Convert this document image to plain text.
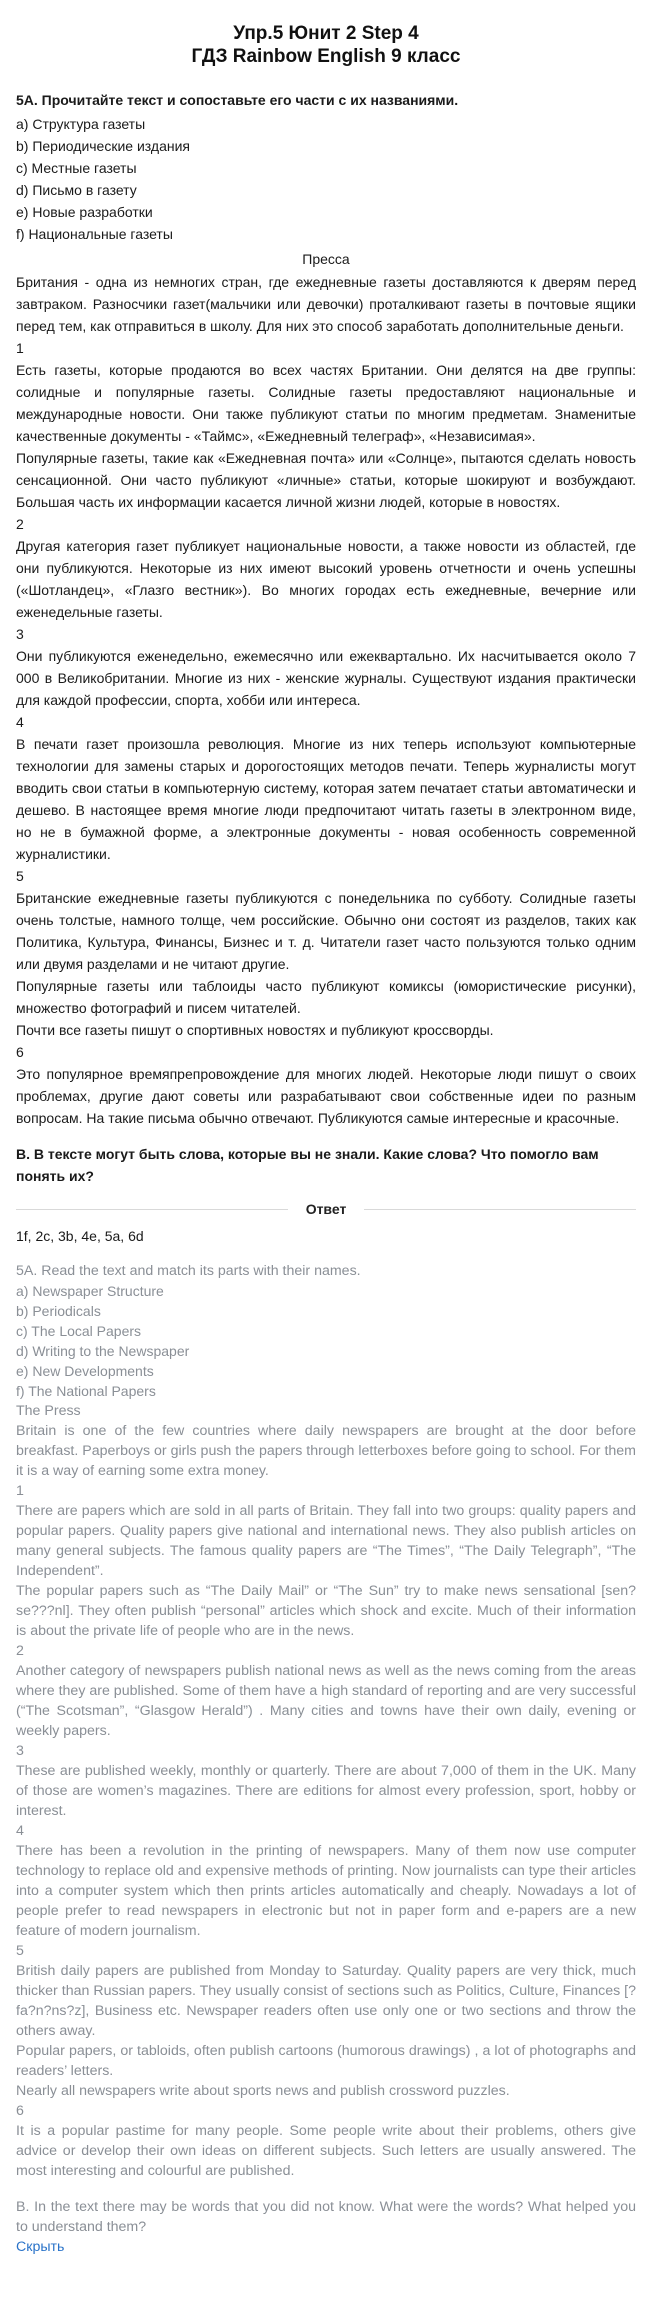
Упр.5 Юнит 2 Step 4
ГДЗ Rainbow English 9 класс
5A. Прочитайте текст и сопоставьте его части с их названиями.
a) Структура газеты
b) Периодические издания
c) Местные газеты
d) Письмо в газету
e) Новые разработки
f) Национальные газеты
Пресса

Британия - одна из немногих стран, где ежедневные газеты доставляются к дверям перед завтраком. Разносчики газет(мальчики или девочки) проталкивают газеты в почтовые ящики перед тем, как отправиться в школу. Для них это способ заработать дополнительные деньги.

1

Есть газеты, которые продаются во всех частях Британии. Они делятся на две группы: солидные и популярные газеты. Солидные газеты предоставляют национальные и международные новости. Они также публикуют статьи по многим предметам. Знаменитые качественные документы - «Таймс», «Ежедневный телеграф», «Независимая».

Популярные газеты, такие как «Ежедневная почта» или «Солнце», пытаются сделать новость сенсационной. Они часто публикуют «личные» статьи, которые шокируют и возбуждают. Большая часть их информации касается личной жизни людей, которые в новостях.

2

Другая категория газет публикует национальные новости, а также новости из областей, где они публикуются. Некоторые из них имеют высокий уровень отчетности и очень успешны («Шотландец», «Глазго вестник»). Во многих городах есть ежедневные, вечерние или еженедельные газеты.

3

Они публикуются еженедельно, ежемесячно или ежеквартально. Их насчитывается около 7 000 в Великобритании. Многие из них - женские журналы. Существуют издания практически для каждой профессии, спорта, хобби или интереса.

4

В печати газет произошла революция. Многие из них теперь используют компьютерные технологии для замены старых и дорогостоящих методов печати. Теперь журналисты могут вводить свои статьи в компьютерную систему, которая затем печатает статьи автоматически и дешево. В настоящее время многие люди предпочитают читать газеты в электронном виде, но не в бумажной форме, а электронные документы - новая особенность современной журналистики.

5

Британские ежедневные газеты публикуются с понедельника по субботу. Солидные газеты очень толстые, намного толще, чем российские. Обычно они состоят из разделов, таких как Политика, Культура, Финансы, Бизнес и т. д. Читатели газет часто пользуются только одним или двумя разделами и не читают другие.

Популярные газеты или таблоиды часто публикуют комиксы (юмористические рисунки), множество фотографий и писем читателей.

Почти все газеты пишут о спортивных новостях и публикуют кроссворды.

6

Это популярное времяпрепровождение для многих людей. Некоторые люди пишут о своих проблемах, другие дают советы или разрабатывают свои собственные идеи по разным вопросам. На такие письма обычно отвечают. Публикуются самые интересные и красочные.

B. В тексте могут быть слова, которые вы не знали. Какие слова? Что помогло вам понять их?
Ответ
1f, 2c, 3b, 4e, 5a, 6d
5A. Read the text and match its parts with their names.
a) Newspaper Structure
b) Periodicals
c) The Local Papers
d) Writing to the Newspaper
e) New Developments
f) The National Papers
The Press

Britain is one of the few countries where daily newspapers are brought at the door before breakfast. Paperboys or girls push the papers through letterboxes before going to school. For them it is a way of earning some extra money.

1

There are papers which are sold in all parts of Britain. They fall into two groups: quality papers and popular papers. Quality papers give national and international news. They also publish articles on many general subjects. The famous quality papers are “The Times”, “The Daily Telegraph”, “The Independent”.

The popular papers such as “The Daily Mail” or “The Sun” try to make news sensational [sen?se???nl]. They often publish “personal” articles which shock and excite. Much of their information is about the private life of people who are in the news.

2

Another category of newspapers publish national news as well as the news coming from the areas where they are published. Some of them have a high standard of reporting and are very successful (“The Scotsman”, “Glasgow Herald”) . Many cities and towns have their own daily, evening or weekly papers.

3

These are published weekly, monthly or quarterly. There are about 7,000 of them in the UK. Many of those are women’s magazines. There are editions for almost every profession, sport, hobby or interest.

4

There has been a revolution in the printing of newspapers. Many of them now use computer technology to replace old and expensive methods of printing. Now journalists can type their articles into a computer system which then prints articles automatically and cheaply. Nowadays a lot of people prefer to read newspapers in electronic but not in paper form and e-papers are a new feature of modern journalism.

5

British daily papers are published from Monday to Saturday. Quality papers are very thick, much thicker than Russian papers. They usually consist of sections such as Politics, Culture, Finances [?fa?n?ns?z], Business etc. Newspaper readers often use only one or two sections and throw the others away.

Popular papers, or tabloids, often publish cartoons (humorous drawings) , a lot of photographs and readers’ letters.

Nearly all newspapers write about sports news and publish crossword puzzles.

6

It is a popular pastime for many people. Some people write about their problems, others give advice or develop their own ideas on different subjects. Such letters are usually answered. The most interesting and colourful are published.

B. In the text there may be words that you did not know. What were the words? What helped you to understand them?

Скрыть
